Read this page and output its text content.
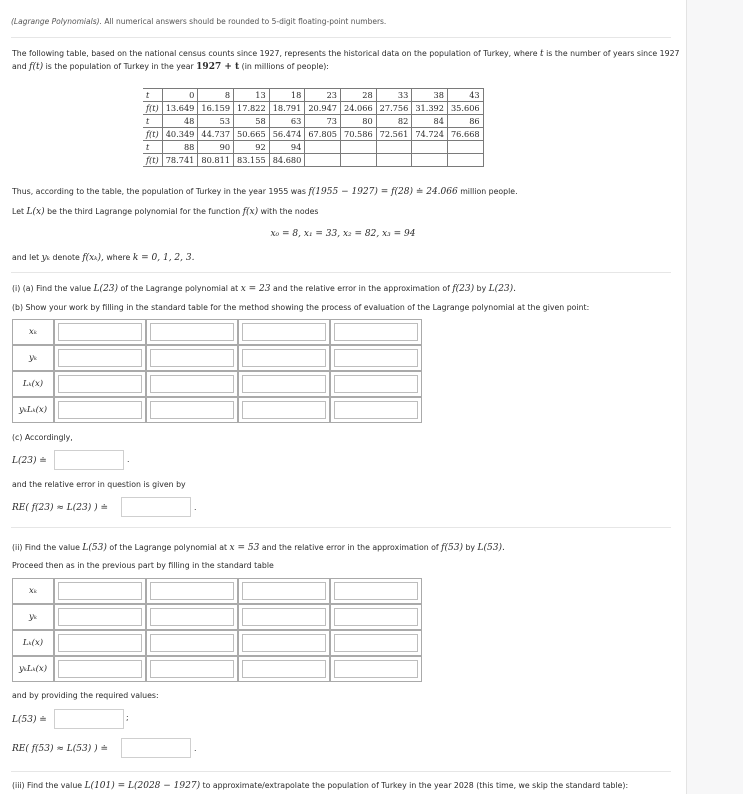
(Lagrange Polynomials). All numerical answers should be rounded to 5-digit floating-point numbers.
The following table, based on the national census counts since 1927, represents the historical data on the population of Turkey, where t is the number of years since 1927
and f(t) is the population of Turkey in the year 1927 + t (in millions of people):
t	0	8	13	18	23	28	33	38	43
f(t)	13.649	16.159	17.822	18.791	20.947	24.066	27.756	31.392	35.606
t	48	53	58	63	73	80	82	84	86
f(t)	40.349	44.737	50.665	56.474	67.805	70.586	72.561	74.724	76.668
t	88	90	92	94					
f(t)	78.741	80.811	83.155	84.680					
Thus, according to the table, the population of Turkey in the year 1955 was f(1955 − 1927) = f(28) ≐ 24.066 million people.
Let L(x) be the third Lagrange polynomial for the function f(x) with the nodes
x₀ = 8, x₁ = 33, x₂ = 82, x₃ = 94
and let yₖ denote f(xₖ), where k = 0, 1, 2, 3.
(i) (a) Find the value L(23) of the Lagrange polynomial at x = 23 and the relative error in the approximation of f(23) by L(23).
(b) Show your work by filling in the standard table for the method showing the process of evaluation of the Lagrange polynomial at the given point:
xₖ	

yₖ	

Lₖ(x)	

yₖLₖ(x)	

(c) Accordingly,
L(23) ≐	.
and the relative error in question is given by
RE( f(23) ≈ L(23) ) ≐	.
(ii) Find the value L(53) of the Lagrange polynomial at x = 53 and the relative error in the approximation of f(53) by L(53).
Proceed then as in the previous part by filling in the standard table
xₖ	

yₖ	

Lₖ(x)	

yₖLₖ(x)	

and by providing the required values:
L(53) ≐	;
RE( f(53) ≈ L(53) ) ≐	.
(iii) Find the value L(101) = L(2028 − 1927) to approximate/extrapolate the population of Turkey in the year 2028 (this time, we skip the standard table):
